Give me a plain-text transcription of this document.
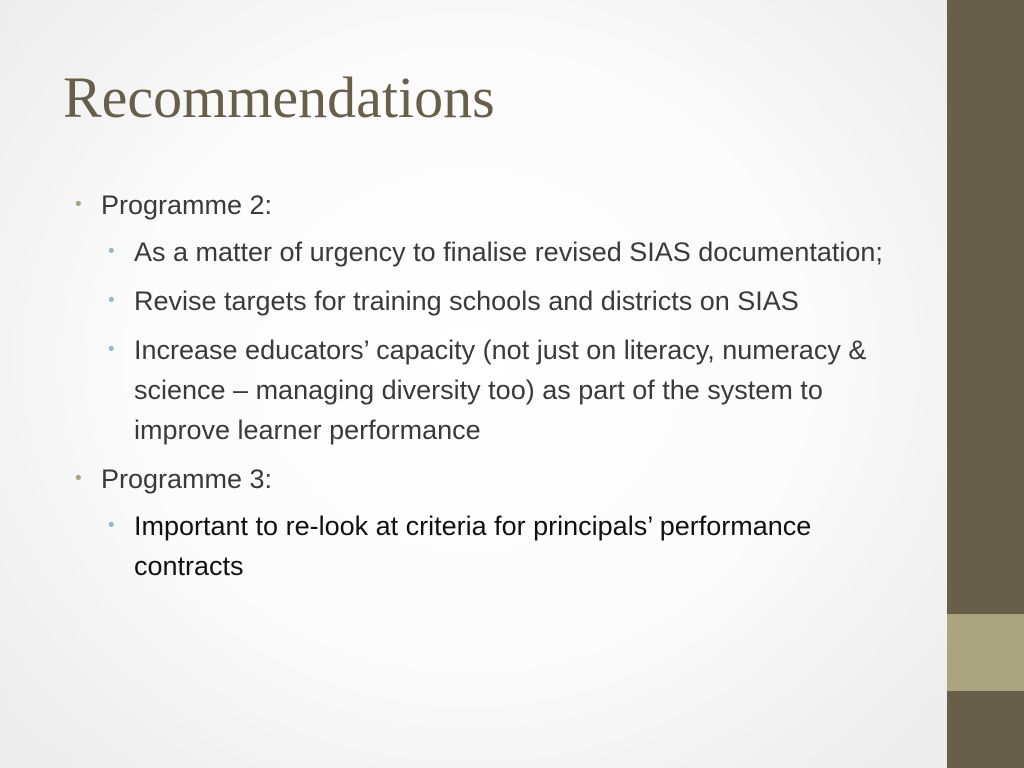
Recommendations
• Programme 2:
• As a matter of urgency to finalise revised SIAS documentation;
• Revise targets for training schools and districts on SIAS
• Increase educators’ capacity (not just on literacy, numeracy & science – managing diversity too) as part of the system to improve learner performance
• Programme 3:
• Important to re-look at criteria for principals’ performance contracts
